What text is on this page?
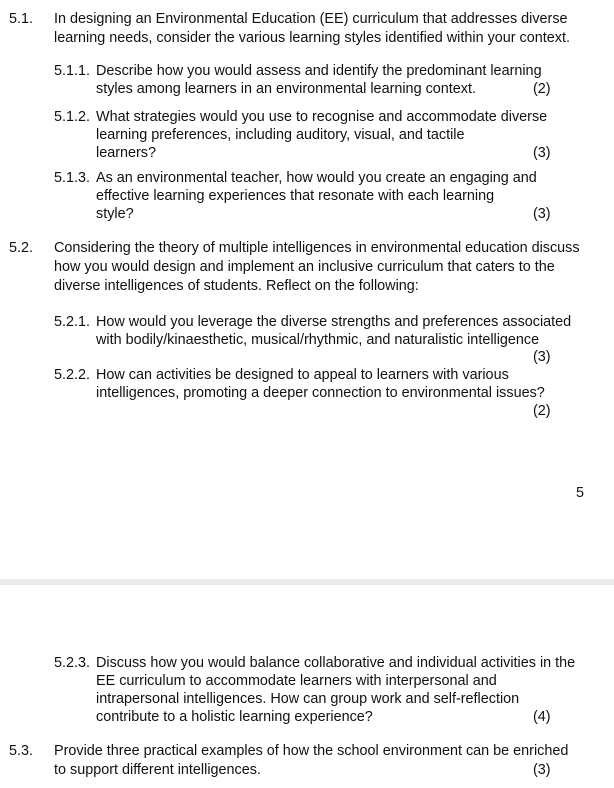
5.1. In designing an Environmental Education (EE) curriculum that addresses diverse
learning needs, consider the various learning styles identified within your context.
5.1.1. Describe how you would assess and identify the predominant learning
styles among learners in an environmental learning context.	(2)
5.1.2. What strategies would you use to recognise and accommodate diverse
learning preferences, including auditory, visual, and tactile
learners?	(3)
5.1.3. As an environmental teacher, how would you create an engaging and
effective learning experiences that resonate with each learning
style?	(3)
5.2. Considering the theory of multiple intelligences in environmental education discuss
how you would design and implement an inclusive curriculum that caters to the
diverse intelligences of students. Reflect on the following:
5.2.1. How would you leverage the diverse strengths and preferences associated
with bodily/kinaesthetic, musical/rhythmic, and naturalistic intelligence
(3)
5.2.2. How can activities be designed to appeal to learners with various
intelligences, promoting a deeper connection to environmental issues?
(2)
5
5.2.3. Discuss how you would balance collaborative and individual activities in the
EE curriculum to accommodate learners with interpersonal and
intrapersonal intelligences. How can group work and self-reflection
contribute to a holistic learning experience?	(4)
5.3. Provide three practical examples of how the school environment can be enriched
to support different intelligences.	(3)
